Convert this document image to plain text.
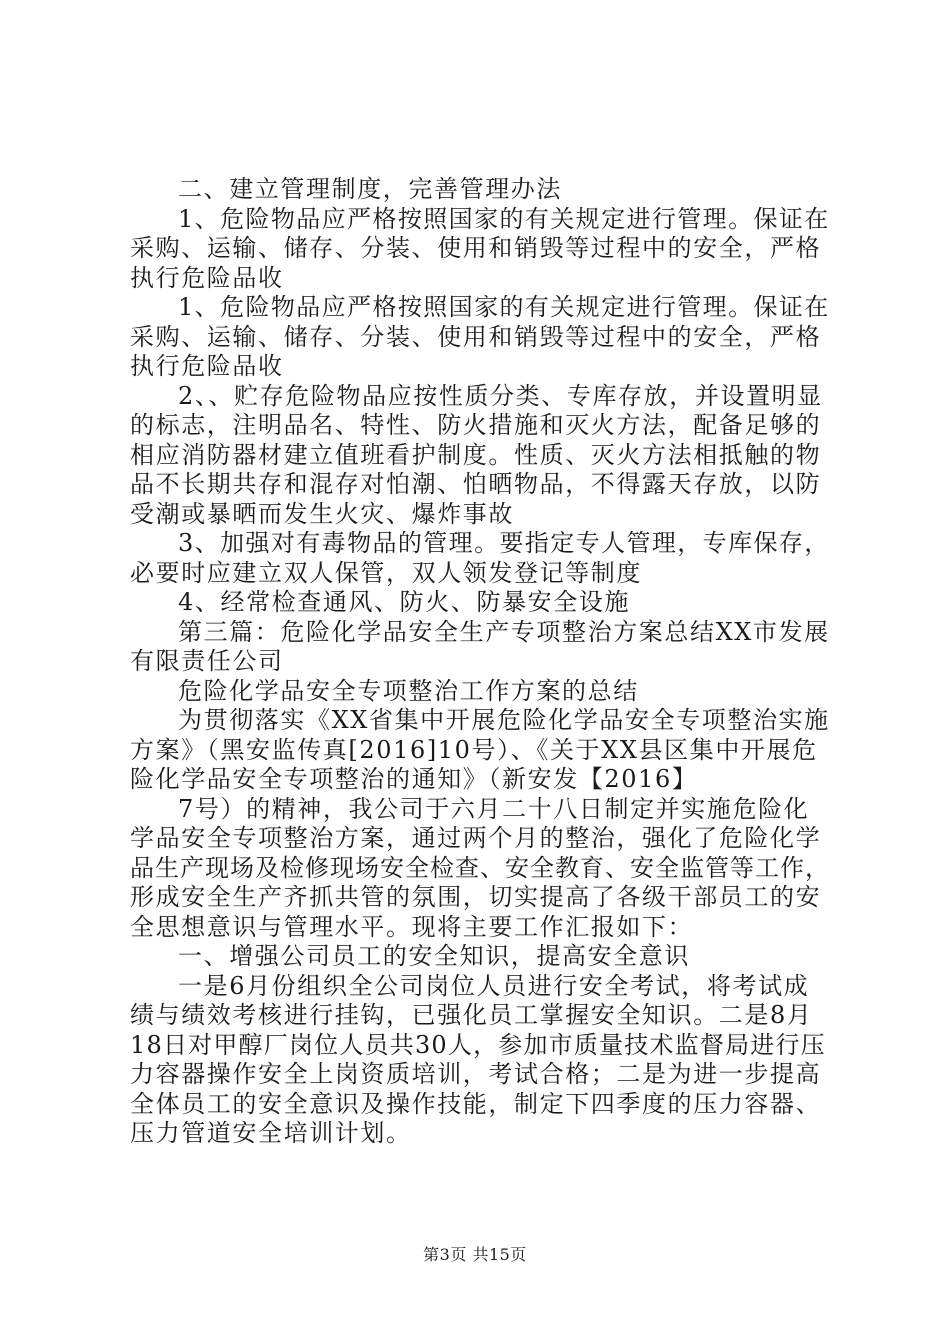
二、建立管理制度，完善管理办法
1、危险物品应严格按照国家的有关规定进行管理。保证在
采购、运输、储存、分装、使用和销毁等过程中的安全，严格
执行危险品收
1、危险物品应严格按照国家的有关规定进行管理。保证在
采购、运输、储存、分装、使用和销毁等过程中的安全，严格
执行危险品收
2、、贮存危险物品应按性质分类、专库存放，并设置明显
的标志，注明品名、特性、防火措施和灭火方法，配备足够的
相应消防器材建立值班看护制度。性质、灭火方法相抵触的物
品不长期共存和混存对怕潮、怕晒物品，不得露天存放，以防
受潮或暴晒而发生火灾、爆炸事故
3、加强对有毒物品的管理。要指定专人管理，专库保存，
必要时应建立双人保管，双人领发登记等制度
4、经常检查通风、防火、防暴安全设施
第三篇：危险化学品安全生产专项整治方案总结XX市发展
有限责任公司
危险化学品安全专项整治工作方案的总结
为贯彻落实《XX省集中开展危险化学品安全专项整治实施
方案》（黑安监传真[2016]10号）、《关于XX县区集中开展危
险化学品安全专项整治的通知》（新安发【2016】
7号）的精神，我公司于六月二十八日制定并实施危险化
学品安全专项整治方案，通过两个月的整治，强化了危险化学
品生产现场及检修现场安全检查、安全教育、安全监管等工作，
形成安全生产齐抓共管的氛围，切实提高了各级干部员工的安
全思想意识与管理水平。现将主要工作汇报如下：
一、增强公司员工的安全知识，提高安全意识
一是6月份组织全公司岗位人员进行安全考试，将考试成
绩与绩效考核进行挂钩，已强化员工掌握安全知识。二是8月
18日对甲醇厂岗位人员共30人，参加市质量技术监督局进行压
力容器操作安全上岗资质培训，考试合格；二是为进一步提高
全体员工的安全意识及操作技能，制定下四季度的压力容器、
压力管道安全培训计划。
第3页 共15页
